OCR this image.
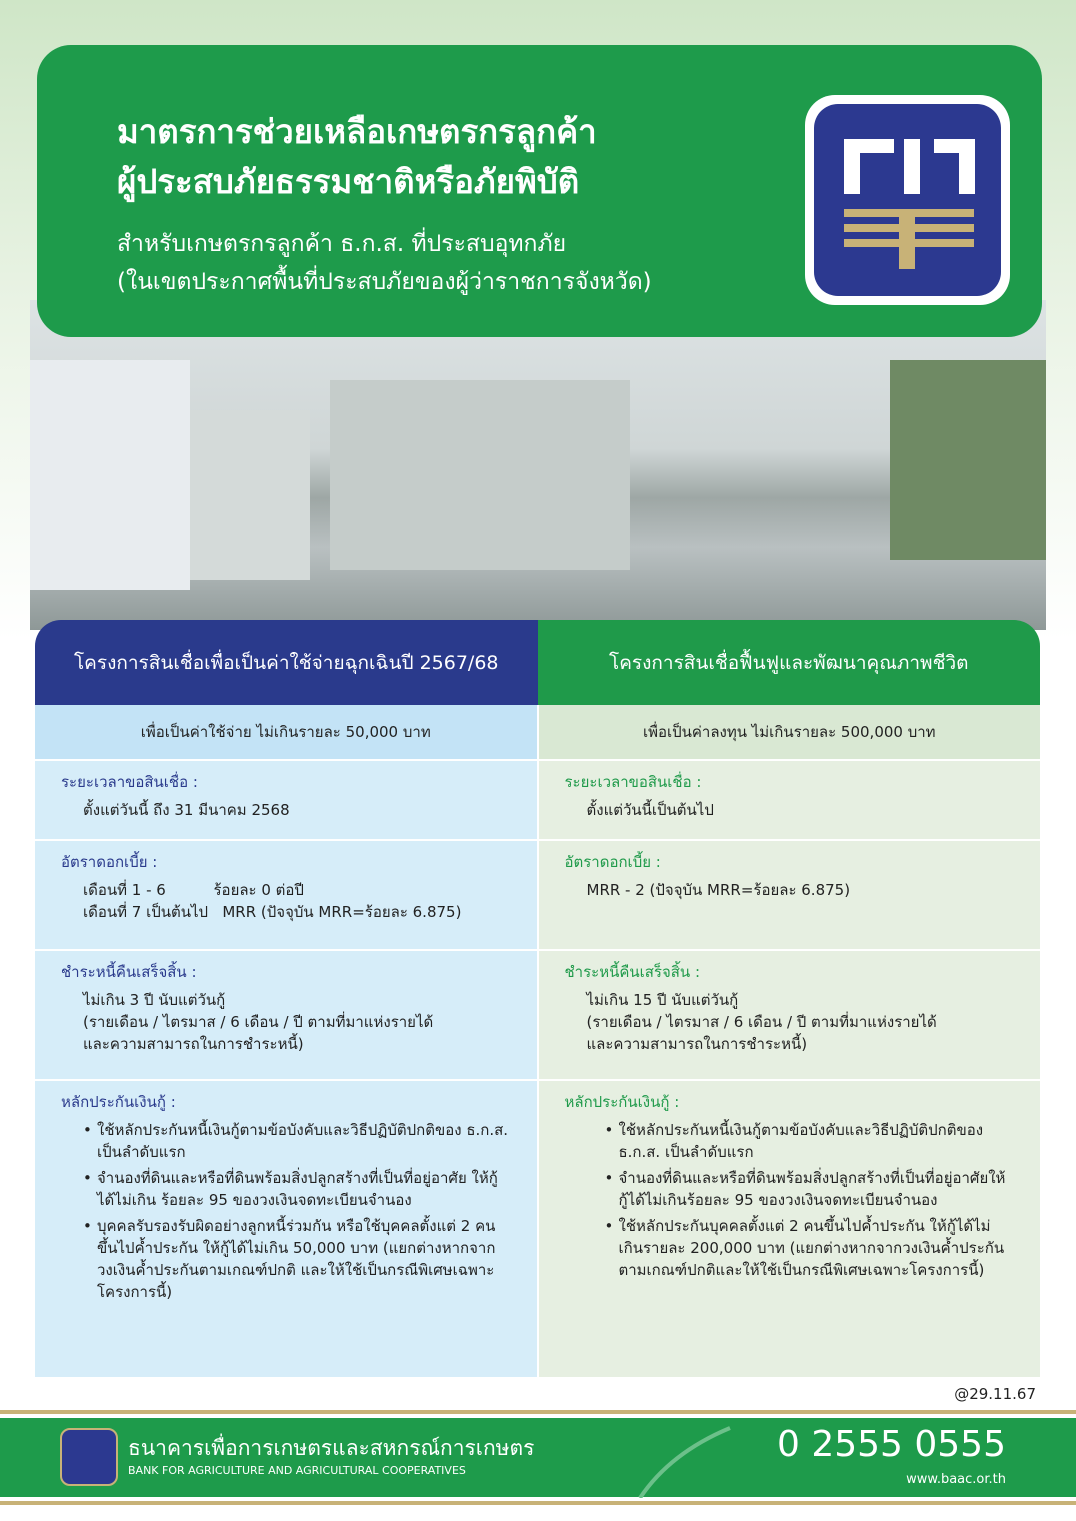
มาตรการช่วยเหลือเกษตรกรลูกค้า
ผู้ประสบภัยธรรมชาติหรือภัยพิบัติ
สำหรับเกษตรกรลูกค้า ธ.ก.ส. ที่ประสบอุทกภัย
(ในเขตประกาศพื้นที่ประสบภัยของผู้ว่าราชการจังหวัด)
โครงการสินเชื่อเพื่อเป็นค่าใช้จ่ายฉุกเฉิน ปี 2567/68	โครงการสินเชื่อฟื้นฟู และพัฒนาคุณภาพชีวิต
เพื่อเป็นค่าใช้จ่าย ไม่เกินรายละ 50,000 บาท	เพื่อเป็นค่าลงทุน ไม่เกินรายละ 500,000 บาท
ระยะเวลาขอสินเชื่อ :
ตั้งแต่วันนี้ ถึง 31 มีนาคม 2568
ระยะเวลาขอสินเชื่อ :
ตั้งแต่วันนี้เป็นต้นไป
อัตราดอกเบี้ย :
เดือนที่ 1 - 6          ร้อยละ 0 ต่อปี
เดือนที่ 7 เป็นต้นไป   MRR (ปัจจุบัน MRR=ร้อยละ 6.875)
อัตราดอกเบี้ย :
MRR - 2 (ปัจจุบัน MRR=ร้อยละ 6.875)
ชำระหนี้คืนเสร็จสิ้น :
ไม่เกิน 3 ปี นับแต่วันกู้
(รายเดือน / ไตรมาส / 6 เดือน / ปี ตามที่มาแห่งรายได้
และความสามารถในการชำระหนี้)
ชำระหนี้คืนเสร็จสิ้น :
ไม่เกิน 15 ปี นับแต่วันกู้
(รายเดือน / ไตรมาส / 6 เดือน / ปี ตามที่มาแห่งรายได้
และความสามารถในการชำระหนี้)
หลักประกันเงินกู้ :
• ใช้หลักประกันหนี้เงินกู้ตามข้อบังคับและวิธีปฏิบัติปกติของ ธ.ก.ส. เป็นลำดับแรก
• จำนองที่ดินและหรือที่ดินพร้อมสิ่งปลูกสร้างที่เป็นที่อยู่อาศัย ให้กู้ได้ไม่เกิน ร้อยละ 95 ของวงเงินจดทะเบียนจำนอง
• บุคคลรับรองรับผิดอย่างลูกหนี้ร่วมกัน หรือใช้บุคคลตั้งแต่ 2 คนขึ้นไปค้ำประกัน ให้กู้ได้ไม่เกิน 50,000 บาท (แยกต่างหากจากวงเงินค้ำประกันตามเกณฑ์ปกติ และให้ใช้เป็นกรณีพิเศษเฉพาะโครงการนี้)
หลักประกันเงินกู้ :
• ใช้หลักประกันหนี้เงินกู้ตามข้อบังคับและวิธีปฏิบัติปกติของ ธ.ก.ส. เป็นลำดับแรก
• จำนองที่ดินและหรือที่ดินพร้อมสิ่งปลูกสร้างที่เป็นที่อยู่อาศัยให้กู้ได้ไม่เกินร้อยละ 95 ของวงเงินจดทะเบียนจำนอง
• ใช้หลักประกันบุคคลตั้งแต่ 2 คนขึ้นไปค้ำประกัน ให้กู้ได้ไม่เกินรายละ 200,000 บาท (แยกต่างหากจากวงเงินค้ำประกันตามเกณฑ์ปกติและให้ใช้เป็นกรณีพิเศษเฉพาะโครงการนี้)
@29.11.67
ธนาคารเพื่อการเกษตรและสหกรณ์การเกษตร
BANK FOR AGRICULTURE AND AGRICULTURAL COOPERATIVES
0 2555 0555
www.baac.or.th
